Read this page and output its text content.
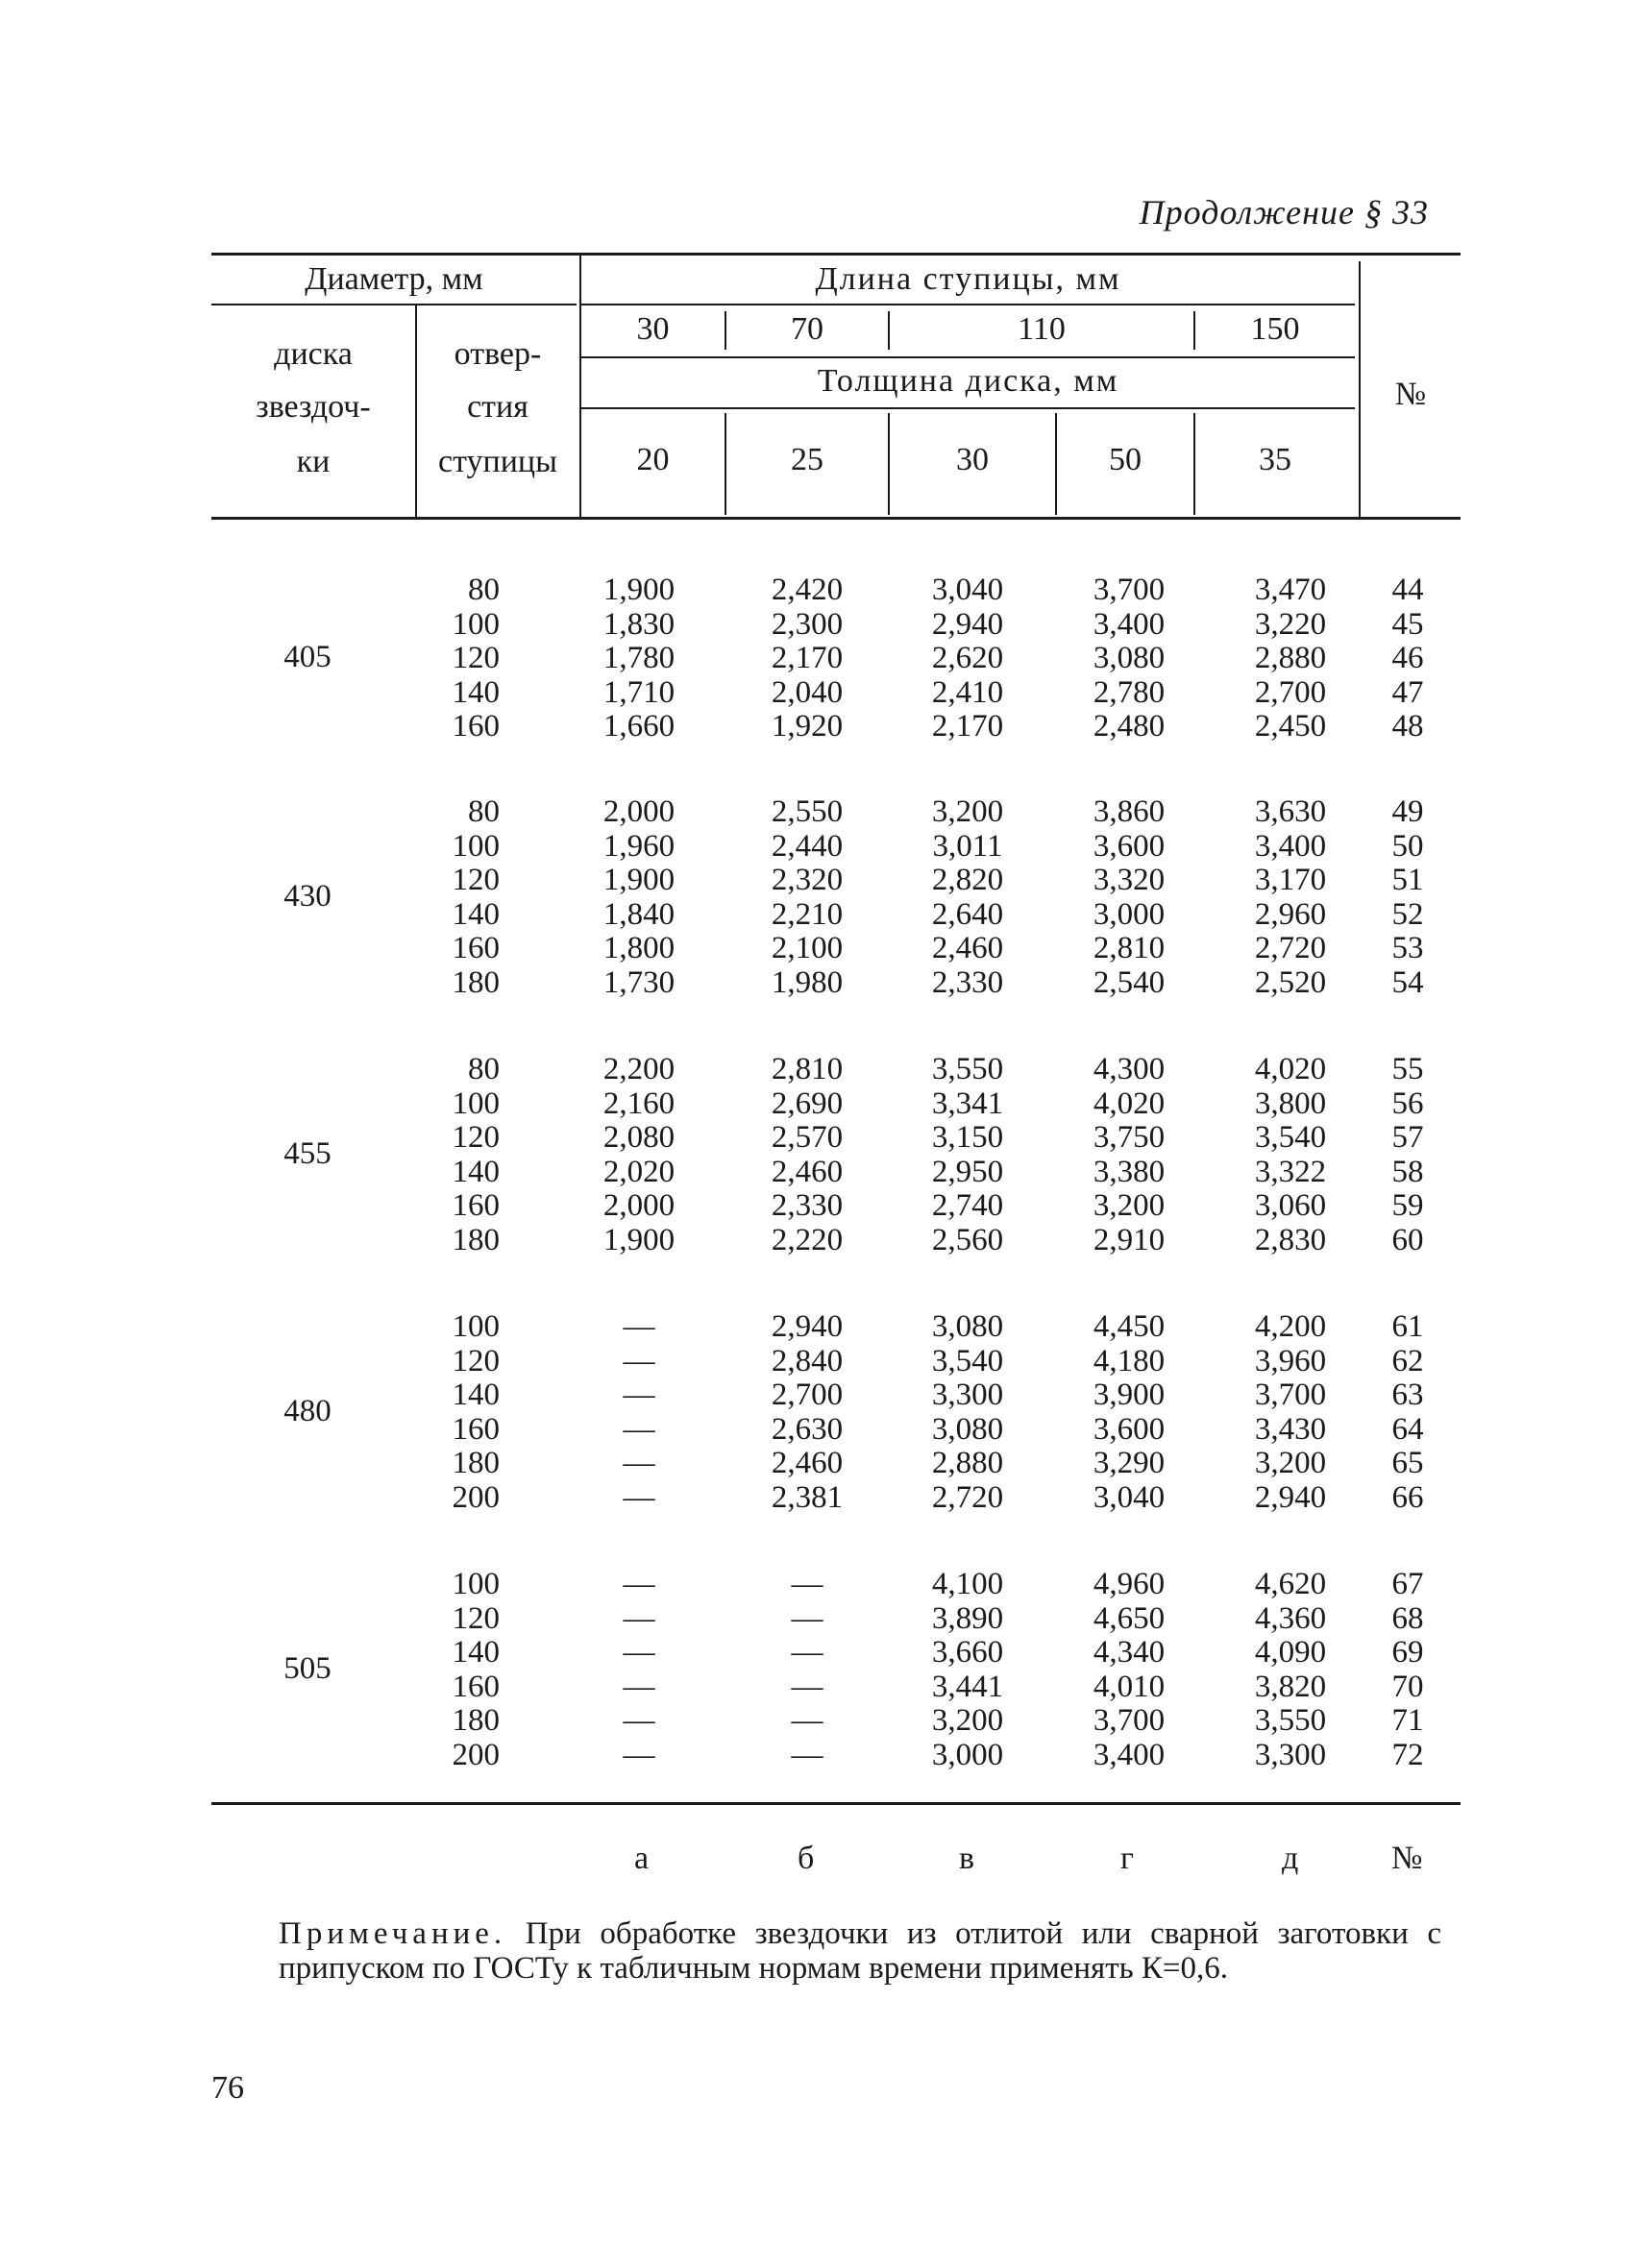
Продолжение § 33
Диаметр, мм
диска
звездоч-
ки
отвер-
стия
ступицы
Длина ступицы, мм
30	70	110	150
Толщина диска, мм
20	25	30	50	35
№
405
80	1,900	2,420	3,040	3,700	3,470	44
100	1,830	2,300	2,940	3,400	3,220	45
120	1,780	2,170	2,620	3,080	2,880	46
140	1,710	2,040	2,410	2,780	2,700	47
160	1,660	1,920	2,170	2,480	2,450	48
430
80	2,000	2,550	3,200	3,860	3,630	49
100	1,960	2,440	3,011	3,600	3,400	50
120	1,900	2,320	2,820	3,320	3,170	51
140	1,840	2,210	2,640	3,000	2,960	52
160	1,800	2,100	2,460	2,810	2,720	53
180	1,730	1,980	2,330	2,540	2,520	54
455
80	2,200	2,810	3,550	4,300	4,020	55
100	2,160	2,690	3,341	4,020	3,800	56
120	2,080	2,570	3,150	3,750	3,540	57
140	2,020	2,460	2,950	3,380	3,322	58
160	2,000	2,330	2,740	3,200	3,060	59
180	1,900	2,220	2,560	2,910	2,830	60
480
100	—	2,940	3,080	4,450	4,200	61
120	—	2,840	3,540	4,180	3,960	62
140	—	2,700	3,300	3,900	3,700	63
160	—	2,630	3,080	3,600	3,430	64
180	—	2,460	2,880	3,290	3,200	65
200	—	2,381	2,720	3,040	2,940	66
505
100	—	—	4,100	4,960	4,620	67
120	—	—	3,890	4,650	4,360	68
140	—	—	3,660	4,340	4,090	69
160	—	—	3,441	4,010	3,820	70
180	—	—	3,200	3,700	3,550	71
200	—	—	3,000	3,400	3,300	72
а	б	в	г	д	№
Примечание. При обработке звездочки из отлитой или сварной заготовки с припуском по ГОСТу к табличным нормам времени применять К=0,6.
76
